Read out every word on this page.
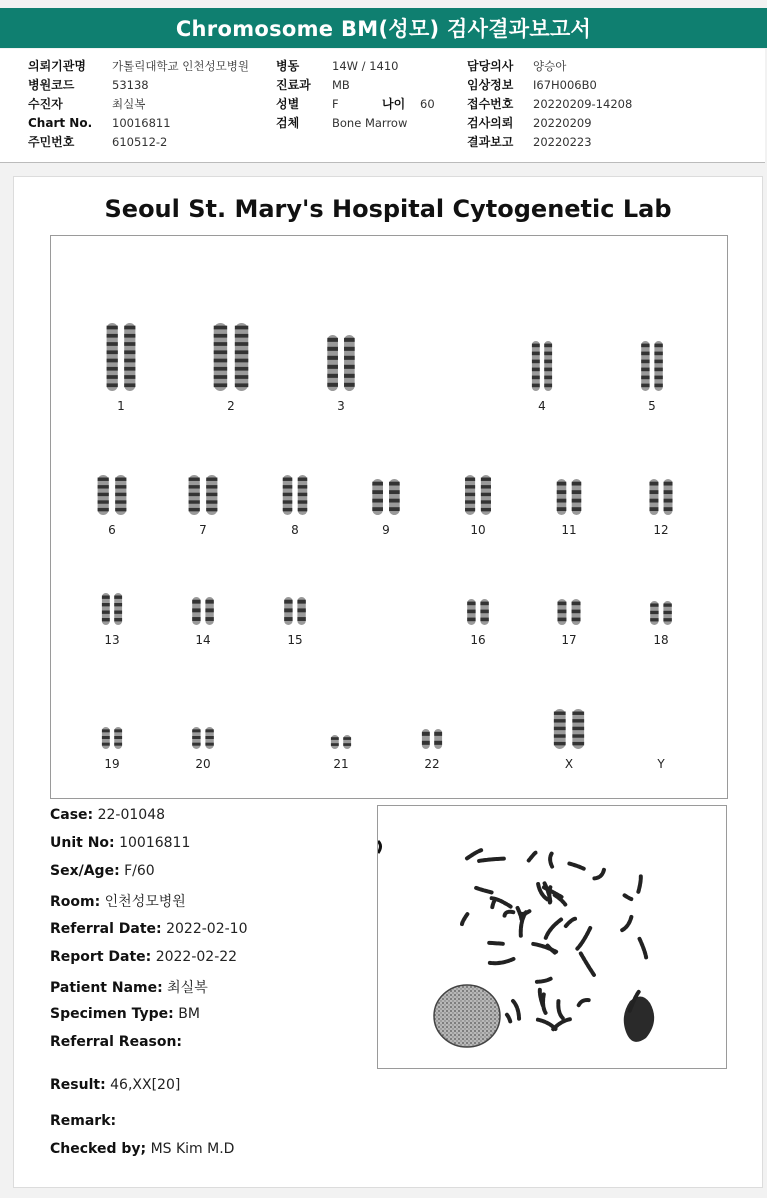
Chromosome BM(성모) 검사결과보고서
의뢰기관명 가톨릭대학교 인천성모병원
병원코드	53138
수진자	최실복
Chart No. 10016811
주민번호	610512-2
병동	14W / 1410
진료과 MB
성별	F	나이 60
검체	Bone Marrow
담당의사 양승아
임상정보 I67H006B0
접수번호 20220209-14208
검사의뢰 20220209
결과보고 20220223
Seoul St. Mary's Hospital Cytogenetic Lab
1	2	3	4	5
6	7	8	9	10	11	12
13	14	15	16	17	18
19	20	21	22	X	Y
Case: 22-01048
Unit No: 10016811
Sex/Age: F/60
Room: 인천성모병원
Referral Date: 2022-02-10
Report Date: 2022-02-22
Patient Name: 최실복
Specimen Type: BM
Referral Reason:
Result: 46,XX[20]
Remark:
Checked by; MS Kim M.D
